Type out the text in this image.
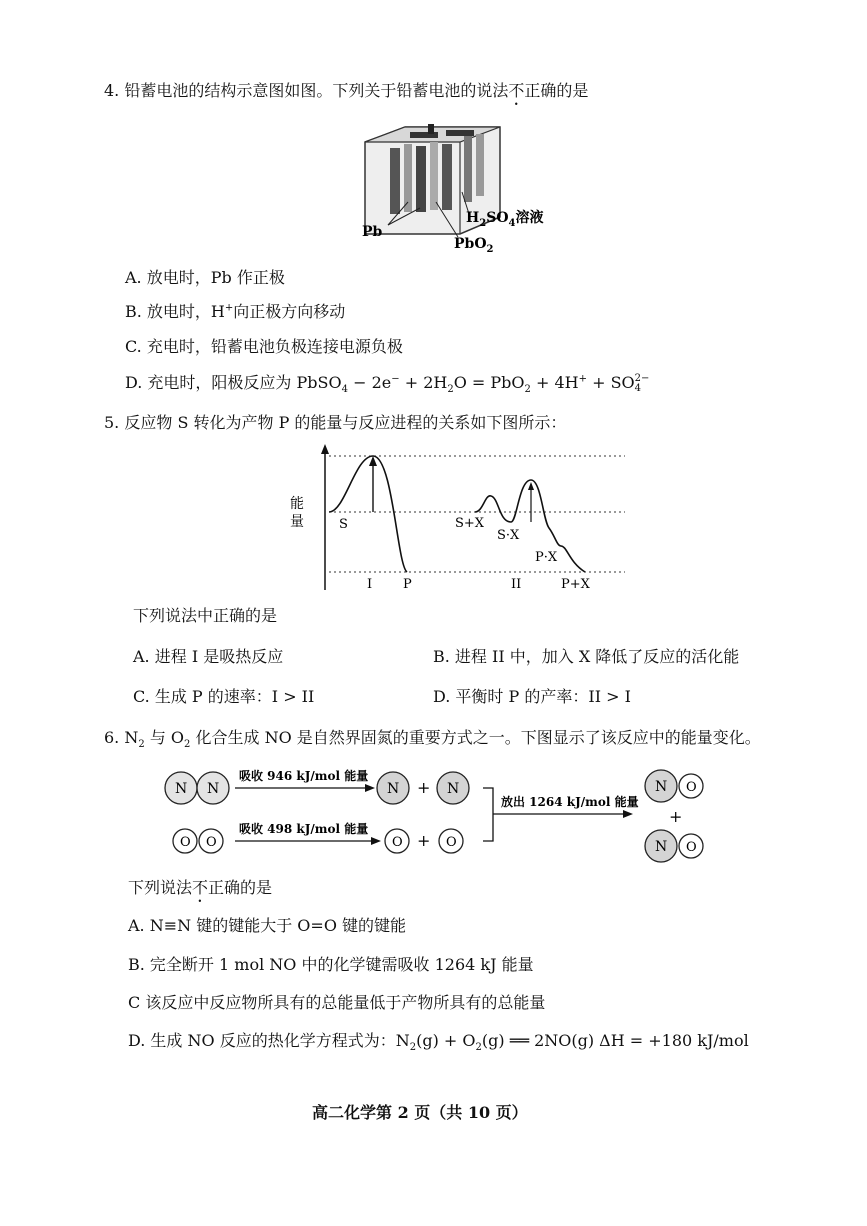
4. 铅蓄电池的结构示意图如图。下列关于铅蓄电池的说法不正确的是
Pb
PbO$_2$
$H_2SO_4$溶液
A. 放电时，Pb 作正极
B. 放电时，H+向正极方向移动
C. 充电时，铅蓄电池负极连接电源负极
D. 充电时，阳极反应为 PbSO$_4$ − $2e^- + 2H_2O = PbO_2 + 4H^+$ + SO 2−
4
5. 反应物 S 转化为产物 P 的能量与反应进程的关系如下图所示：
能
量	S
I P
S+X
S·X
P·X
II	P+X
下列说法中正确的是
A. 进程 I 是吸热反应	B. 进程 II 中，加入 X 降低了反应的活化能
C. 生成 P 的速率：I > II	D. 平衡时 P 的产率：II > I
6. $N_2$ 与 $O_2$ 化合生成 NO 是自然界固氮的重要方式之一。下图显示了该反应中的能量变化。
N N
吸收 946 kJ/mol 能量
N + N
O O
吸收 498 kJ/mol 能量
O + O
放出 1264 kJ/mol 能量
N O
+
N O
下列说法不正确的是
A. N≡N 键的键能大于 O=O 键的键能
B. 完全断开 1 mol NO 中的化学键需吸收 1264 kJ 能量
C 该反应中反应物所具有的总能量低于产物所具有的总能量
D. 生成 NO 反应的热化学方程式为：$N_2(g) + O_2(g)$ ══ 2NO(g) ΔH = +180 kJ/mol
高二化学第 2 页（共 10 页）
